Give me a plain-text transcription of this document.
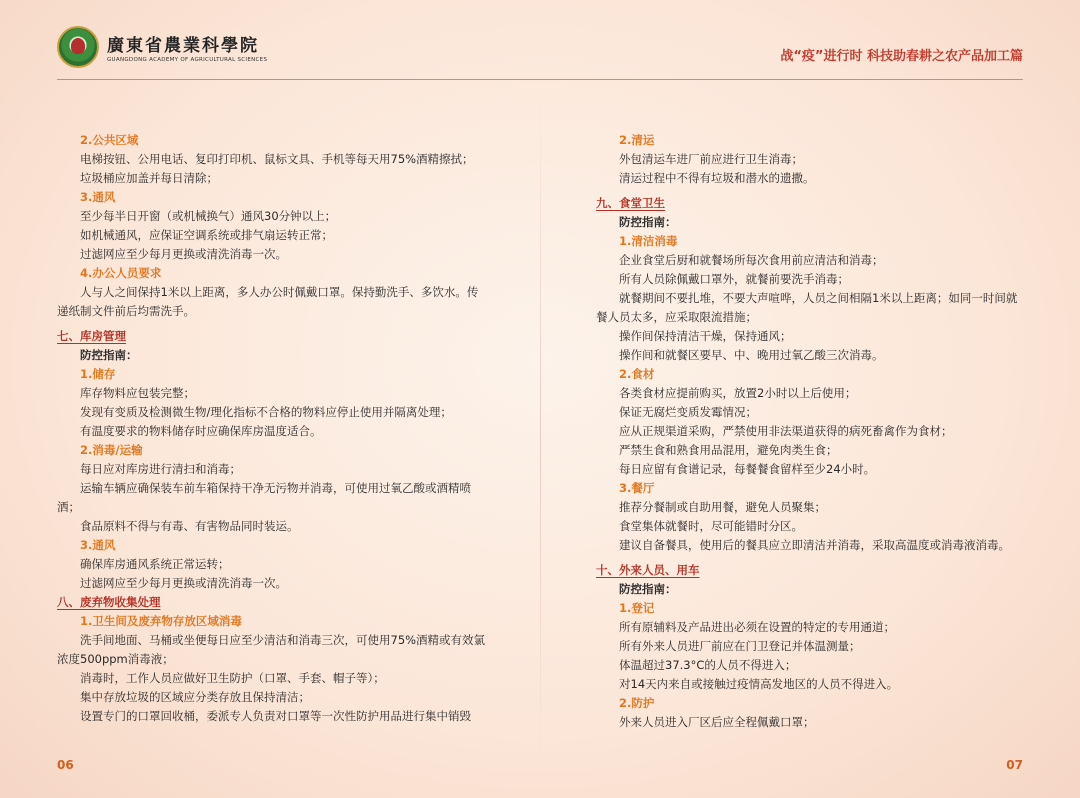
廣東省農業科學院
GUANGDONG ACADEMY OF AGRICULTURAL SCIENCES	战“疫”进行时 科技助春耕之农产品加工篇

2.公共区域

电梯按钮、公用电话、复印打印机、鼠标文具、手机等每天用75%酒精擦拭；

垃圾桶应加盖并每日清除；

3.通风

至少每半日开窗（或机械换气）通风30分钟以上；

如机械通风，应保证空调系统或排气扇运转正常；

过滤网应至少每月更换或清洗消毒一次。

4.办公人员要求

人与人之间保持1米以上距离，多人办公时佩戴口罩。保持勤洗手、多饮水。传递纸制文件前后均需洗手。

七、库房管理

防控指南：

1.储存

库存物料应包装完整；

发现有变质及检测微生物/理化指标不合格的物料应停止使用并隔离处理；

有温度要求的物料储存时应确保库房温度适合。

2.消毒/运输

每日应对库房进行清扫和消毒；

运输车辆应确保装车前车箱保持干净无污物并消毒，可使用过氧乙酸或酒精喷洒；

食品原料不得与有毒、有害物品同时装运。

3.通风

确保库房通风系统正常运转；

过滤网应至少每月更换或清洗消毒一次。

八、废弃物收集处理

1.卫生间及废弃物存放区域消毒

洗手间地面、马桶或坐便每日应至少清洁和消毒三次，可使用75%酒精或有效氯浓度500ppm消毒液；

消毒时，工作人员应做好卫生防护（口罩、手套、帽子等）；

集中存放垃圾的区域应分类存放且保持清洁；

设置专门的口罩回收桶，委派专人负责对口罩等一次性防护用品进行集中销毁

2.清运

外包清运车进厂前应进行卫生消毒；

清运过程中不得有垃圾和潜水的遗撒。

九、食堂卫生

防控指南：

1.清洁消毒

企业食堂后厨和就餐场所每次食用前应清洁和消毒；

所有人员除佩戴口罩外，就餐前要洗手消毒；

就餐期间不要扎堆，不要大声喧哗，人员之间相隔1米以上距离；如同一时间就餐人员太多，应采取限流措施；

操作间保持清洁干燥，保持通风；

操作间和就餐区要早、中、晚用过氧乙酸三次消毒。

2.食材

各类食材应提前购买，放置2小时以上后使用；

保证无腐烂变质发霉情况；

应从正规渠道采购，严禁使用非法渠道获得的病死畜禽作为食材；

严禁生食和熟食用品混用，避免肉类生食；

每日应留有食谱记录，每餐餐食留样至少24小时。

3.餐厅

推荐分餐制或自助用餐，避免人员聚集；

食堂集体就餐时，尽可能错时分区。

建议自备餐具，使用后的餐具应立即清洁并消毒，采取高温度或消毒液消毒。

十、外来人员、用车

防控指南：

1.登记

所有原辅料及产品进出必须在设置的特定的专用通道；

所有外来人员进厂前应在门卫登记并体温测量；

体温超过37.3°C的人员不得进入；

对14天内来自或接触过疫情高发地区的人员不得进入。

2.防护

外来人员进入厂区后应全程佩戴口罩；

06	07
